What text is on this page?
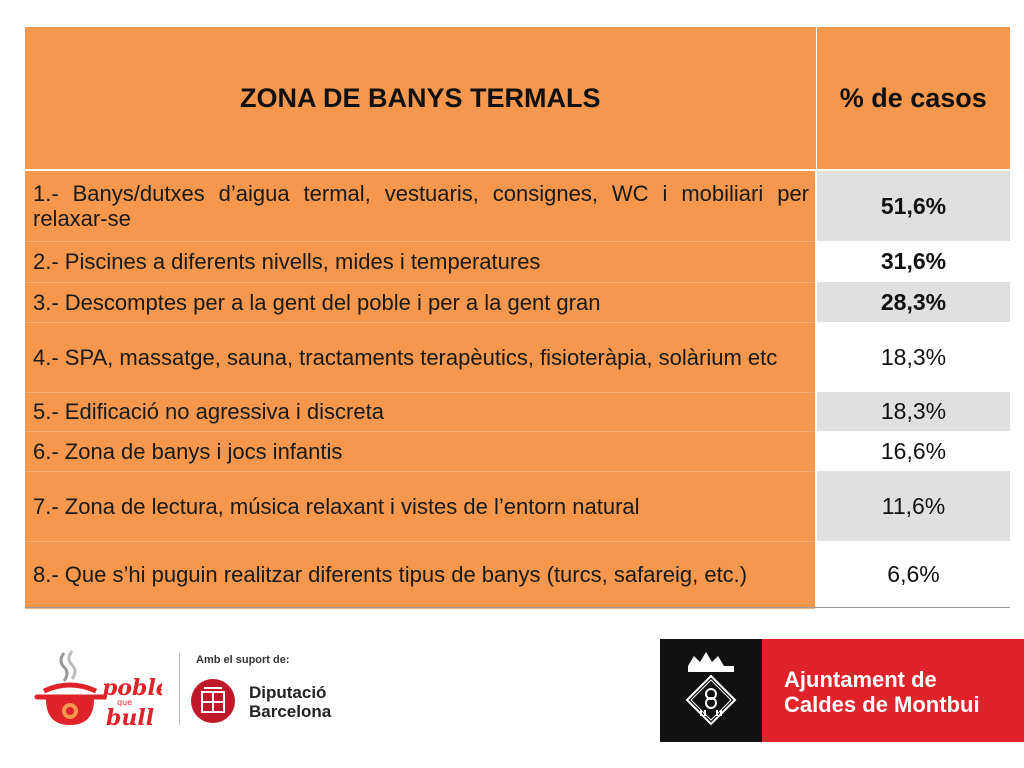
ZONA DE BANYS TERMALS	% de casos
1.- Banys/dutxes d’aigua termal, vestuaris, consignes, WC i mobiliari per relaxar-se	51,6%
2.- Piscines a diferents nivells, mides i temperatures	31,6%
3.- Descomptes per a la gent del poble i per a la gent gran	28,3%
4.- SPA, massatge, sauna, tractaments terapèutics, fisioteràpia, solàrium etc	18,3%
5.- Edificació no agressiva i discreta	18,3%
6.- Zona de banys i jocs infantis	16,6%
7.- Zona de lectura, música relaxant i vistes de l’entorn natural	11,6%
8.- Que s’hi puguin realitzar diferents tipus de banys (turcs, safareig, etc.)	6,6%
pobl
que
bull
Amb el suport de:
Diputació
Barcelona
Ajuntament de
Caldes de Montbui
